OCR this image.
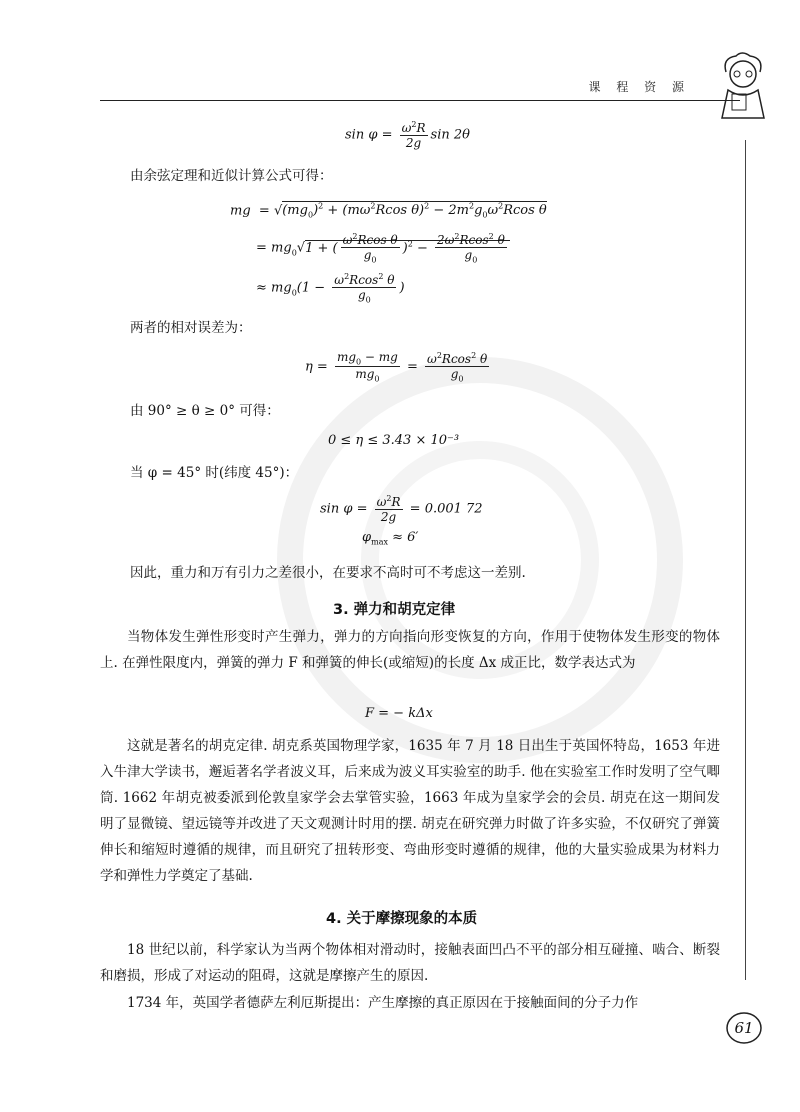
课 程 资 源
$\sin \varphi = \frac{\omega^2R}{2g}$ sin 2θ
由余弦定理和近似计算公式可得：
mg  = $√(mg_0)^2 + (m\omega^2Rcos$ $\theta)^2 - 2m^2g_0\omega^2Rcos$ θ
= $mg_0√1$ + ( $\frac{\omega^2Rcos \theta}{g_0} )^2 - \frac{2\omega^2Rcos^2 \theta}{g_0}$
≈ $mg_0(1 - \frac{\omega^2Rcos^2 \theta}{g_0}$ )
两者的相对误差为：
$\eta = \frac{mg_0 - mg}{mg_0} = \frac{\omega^2Rcos^2 \theta}{g_0}$
由 90° ≥ θ ≥ 0° 可得：
0 ≤ η ≤ 3.43 × 10⁻³
当 φ = 45° 时(纬度 45°)：
$\sin \varphi = \frac{\omega^2R}{2g} = 0.001$ 72
$\varphi_{max} \approx 6'$
因此，重力和万有引力之差很小，在要求不高时可不考虑这一差别.
3. 弹力和胡克定律
当物体发生弹性形变时产生弹力，弹力的方向指向形变恢复的方向，作用于使物体发生形变的物体上. 在弹性限度内，弹簧的弹力 F 和弹簧的伸长(或缩短)的长度 Δx 成正比，数学表达式为
F = − kΔx
这就是著名的胡克定律. 胡克系英国物理学家，1635 年 7 月 18 日出生于英国怀特岛，1653 年进入牛津大学读书，邂逅著名学者波义耳，后来成为波义耳实验室的助手. 他在实验室工作时发明了空气唧筒. 1662 年胡克被委派到伦敦皇家学会去掌管实验，1663 年成为皇家学会的会员. 胡克在这一期间发明了显微镜、望远镜等并改进了天文观测计时用的摆. 胡克在研究弹力时做了许多实验，不仅研究了弹簧伸长和缩短时遵循的规律，而且研究了扭转形变、弯曲形变时遵循的规律，他的大量实验成果为材料力学和弹性力学奠定了基础.
4. 关于摩擦现象的本质
18 世纪以前，科学家认为当两个物体相对滑动时，接触表面凹凸不平的部分相互碰撞、啮合、断裂和磨损，形成了对运动的阻碍，这就是摩擦产生的原因.
1734 年，英国学者德萨左利厄斯提出：产生摩擦的真正原因在于接触面间的分子力作
61
